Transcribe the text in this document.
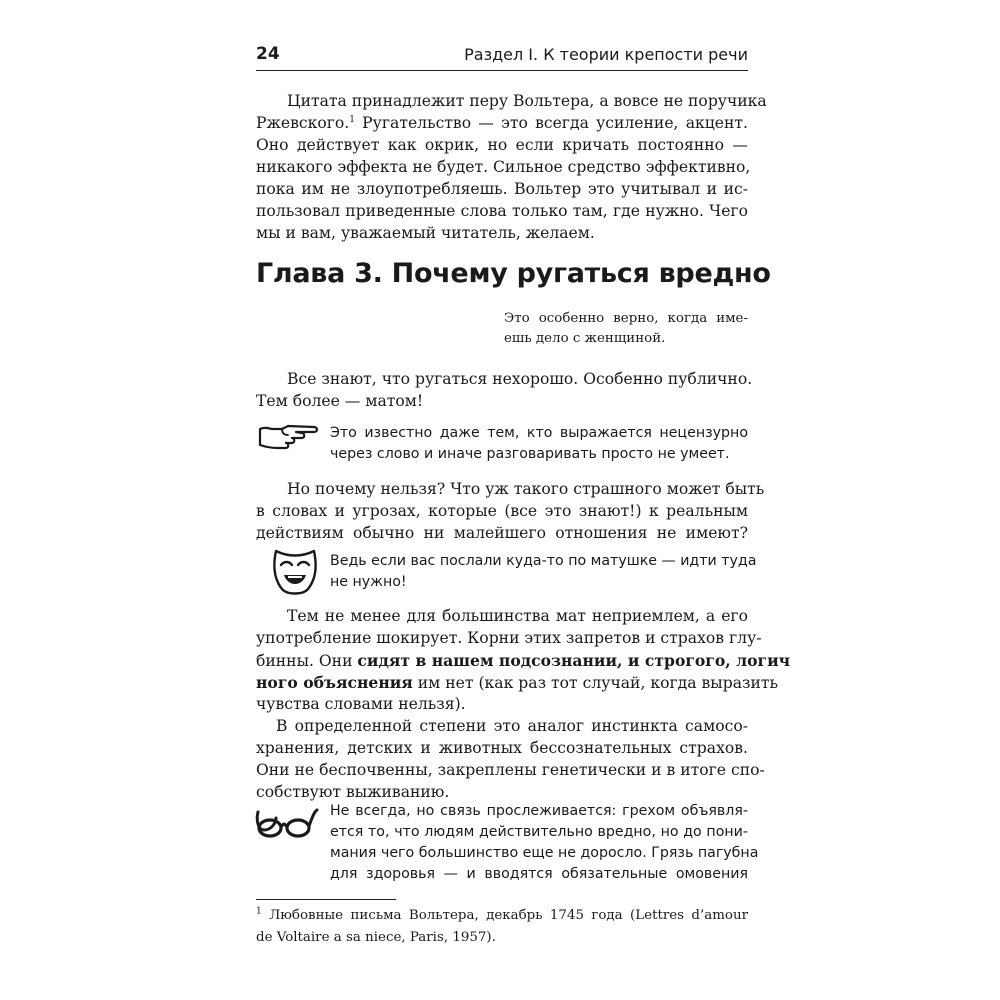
24	Раздел I. К теории крепости речи
Цитата принадлежит перу Вольтера, а вовсе не поручика
Ржевского.$^1$ Ругательство — это всегда усиление, акцент.
Оно действует как окрик, но если кричать постоянно —
никакого эффекта не будет. Сильное средство эффективно,
пока им не злоупотребляешь. Вольтер это учитывал и ис-
пользовал приведенные слова только там, где нужно. Чего
мы и вам, уважаемый читатель, желаем.
Глава 3. Почему ругаться вредно
Это особенно верно, когда име-
ешь дело с женщиной.
Все знают, что ругаться нехорошо. Особенно публично.
Тем более — матом!
Это известно даже тем, кто выражается нецензурно
через слово и иначе разговаривать просто не умеет.
Но почему нельзя? Что уж такого страшного может быть
в словах и угрозах, которые (все это знают!) к реальным
действиям обычно ни малейшего отношения не имеют?
Ведь если вас послали куда-то по матушке — идти туда
не нужно!
Тем не менее для большинства мат неприемлем, а его
употребление шокирует. Корни этих запретов и страхов глу-
бинны. Они сидят в нашем подсознании, и строгого, логич
ного объяснения им нет (как раз тот случай, когда выразить
чувства словами нельзя).
В определенной степени это аналог инстинкта самосо-
хранения, детских и животных бессознательных страхов.
Они не беспочвенны, закреплены генетически и в итоге спо-
собствуют выживанию.
Не всегда, но связь прослеживается: грехом объявля-
ется то, что людям действительно вредно, но до пони-
мания чего большинство еще не доросло. Грязь пагубна
для здоровья — и вводятся обязательные омовения
$^1$ Любовные письма Вольтера, декабрь 1745 года (Lettres d’amour
de Voltaire a sa niece, Paris, 1957).
